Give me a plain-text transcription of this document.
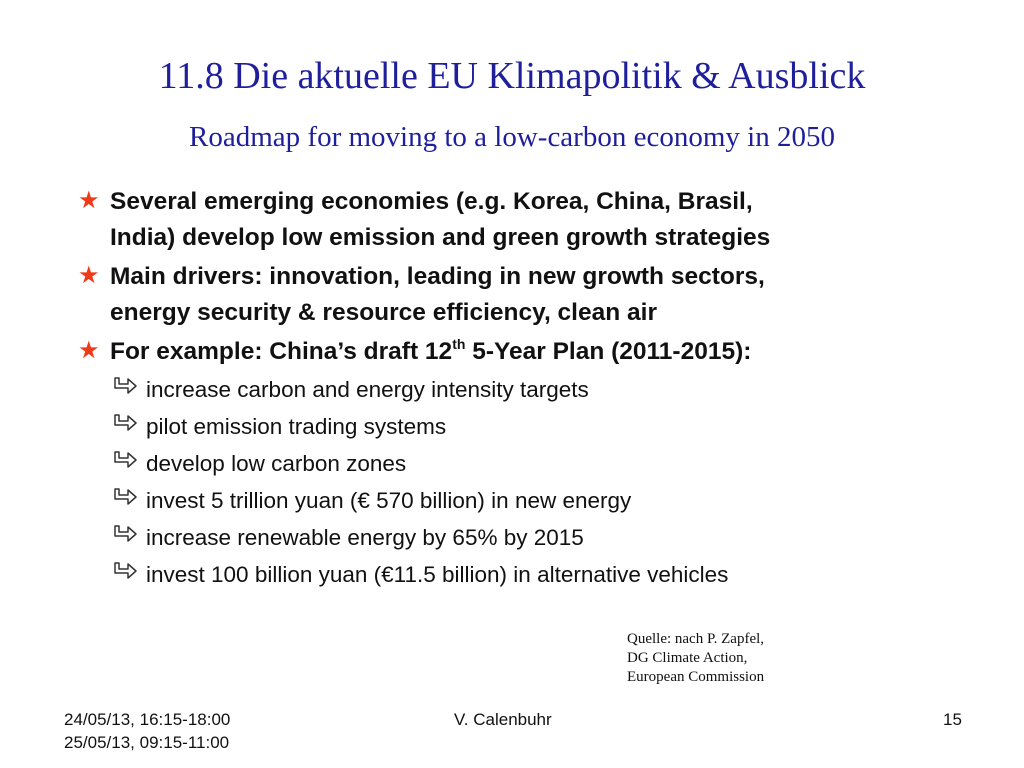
11.8 Die aktuelle EU Klimapolitik & Ausblick
Roadmap for moving to a low-carbon economy in 2050
★ Several emerging economies (e.g. Korea, China, Brasil,
India) develop low emission and green growth strategies
★ Main drivers: innovation, leading in new growth sectors,
energy security & resource efficiency, clean air
★ For example: China’s draft 12th 5-Year Plan (2011-2015):
increase carbon and energy intensity targets
pilot emission trading systems
develop low carbon zones
invest 5 trillion yuan (€ 570 billion) in new energy
increase renewable energy by 65% by 2015
invest 100 billion yuan (€11.5 billion) in alternative vehicles
Quelle: nach P. Zapfel,
DG Climate Action,
European Commission
24/05/13, 16:15-18:00
25/05/13, 09:15-11:00
V. Calenbuhr	15
